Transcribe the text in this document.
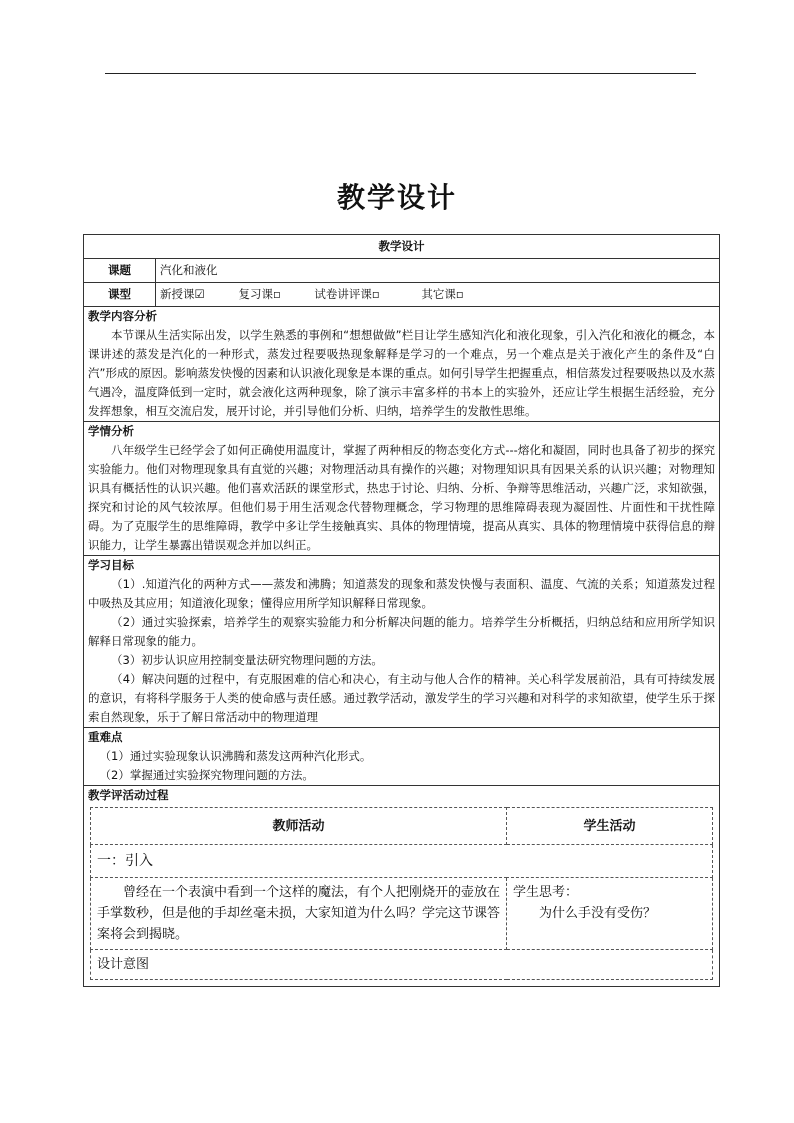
教学设计
教学设计
课题	汽化和液化
课型	新授课☑	复习课▫	试卷讲评课▫	其它课▫

教学内容分析
本节课从生活实际出发，以学生熟悉的事例和“想想做做”栏目让学生感知汽化和液化现象，引入汽化和液化的概念，本课讲述的蒸发是汽化的一种形式，蒸发过程要吸热现象解释是学习的一个难点，另一个难点是关于液化产生的条件及“白汽”形成的原因。影响蒸发快慢的因素和认识液化现象是本课的重点。如何引导学生把握重点，相信蒸发过程要吸热以及水蒸气遇冷，温度降低到一定时，就会液化这两种现象，除了演示丰富多样的书本上的实验外，还应让学生根据生活经验，充分发挥想象，相互交流启发，展开讨论，并引导他们分析、归纳，培养学生的发散性思维。

学情分析
八年级学生已经学会了如何正确使用温度计，掌握了两种相反的物态变化方式---熔化和凝固，同时也具备了初步的探究实验能力。他们对物理现象具有直觉的兴趣；对物理活动具有操作的兴趣；对物理知识具有因果关系的认识兴趣；对物理知识具有概括性的认识兴趣。他们喜欢活跃的课堂形式，热忠于讨论、归纳、分析、争辩等思维活动，兴趣广泛，求知欲强，探究和讨论的风气较浓厚。但他们易于用生活观念代替物理概念，学习物理的思维障碍表现为凝固性、片面性和干扰性障碍。为了克服学生的思维障碍，教学中多让学生接触真实、具体的物理情境，提高从真实、具体的物理情境中获得信息的辩识能力，让学生暴露出错误观念并加以纠正。

学习目标
（1）.知道汽化的两种方式——蒸发和沸腾；知道蒸发的现象和蒸发快慢与表面积、温度、气流的关系；知道蒸发过程中吸热及其应用；知道液化现象；懂得应用所学知识解释日常现象。
（2）通过实验探索，培养学生的观察实验能力和分析解决问题的能力。培养学生分析概括，归纳总结和应用所学知识解释日常现象的能力。
（3）初步认识应用控制变量法研究物理问题的方法。
（4）解决问题的过程中，有克服困难的信心和决心，有主动与他人合作的精神。关心科学发展前沿，具有可持续发展的意识，有将科学服务于人类的使命感与责任感。通过教学活动，激发学生的学习兴趣和对科学的求知欲望，使学生乐于探索自然现象，乐于了解日常活动中的物理道理

重难点
（1）通过实验现象认识沸腾和蒸发这两种汽化形式。
（2）掌握通过实验探究物理问题的方法。

教学评活动过程
教师活动	学生活动
一：引入
曾经在一个表演中看到一个这样的魔法，有个人把刚烧开的壶放在手掌数秒，但是他的手却丝毫未损，大家知道为什么吗？学完这节课答案将会到揭晓。	
学生思考：
为什么手没有受伤？

设计意图
